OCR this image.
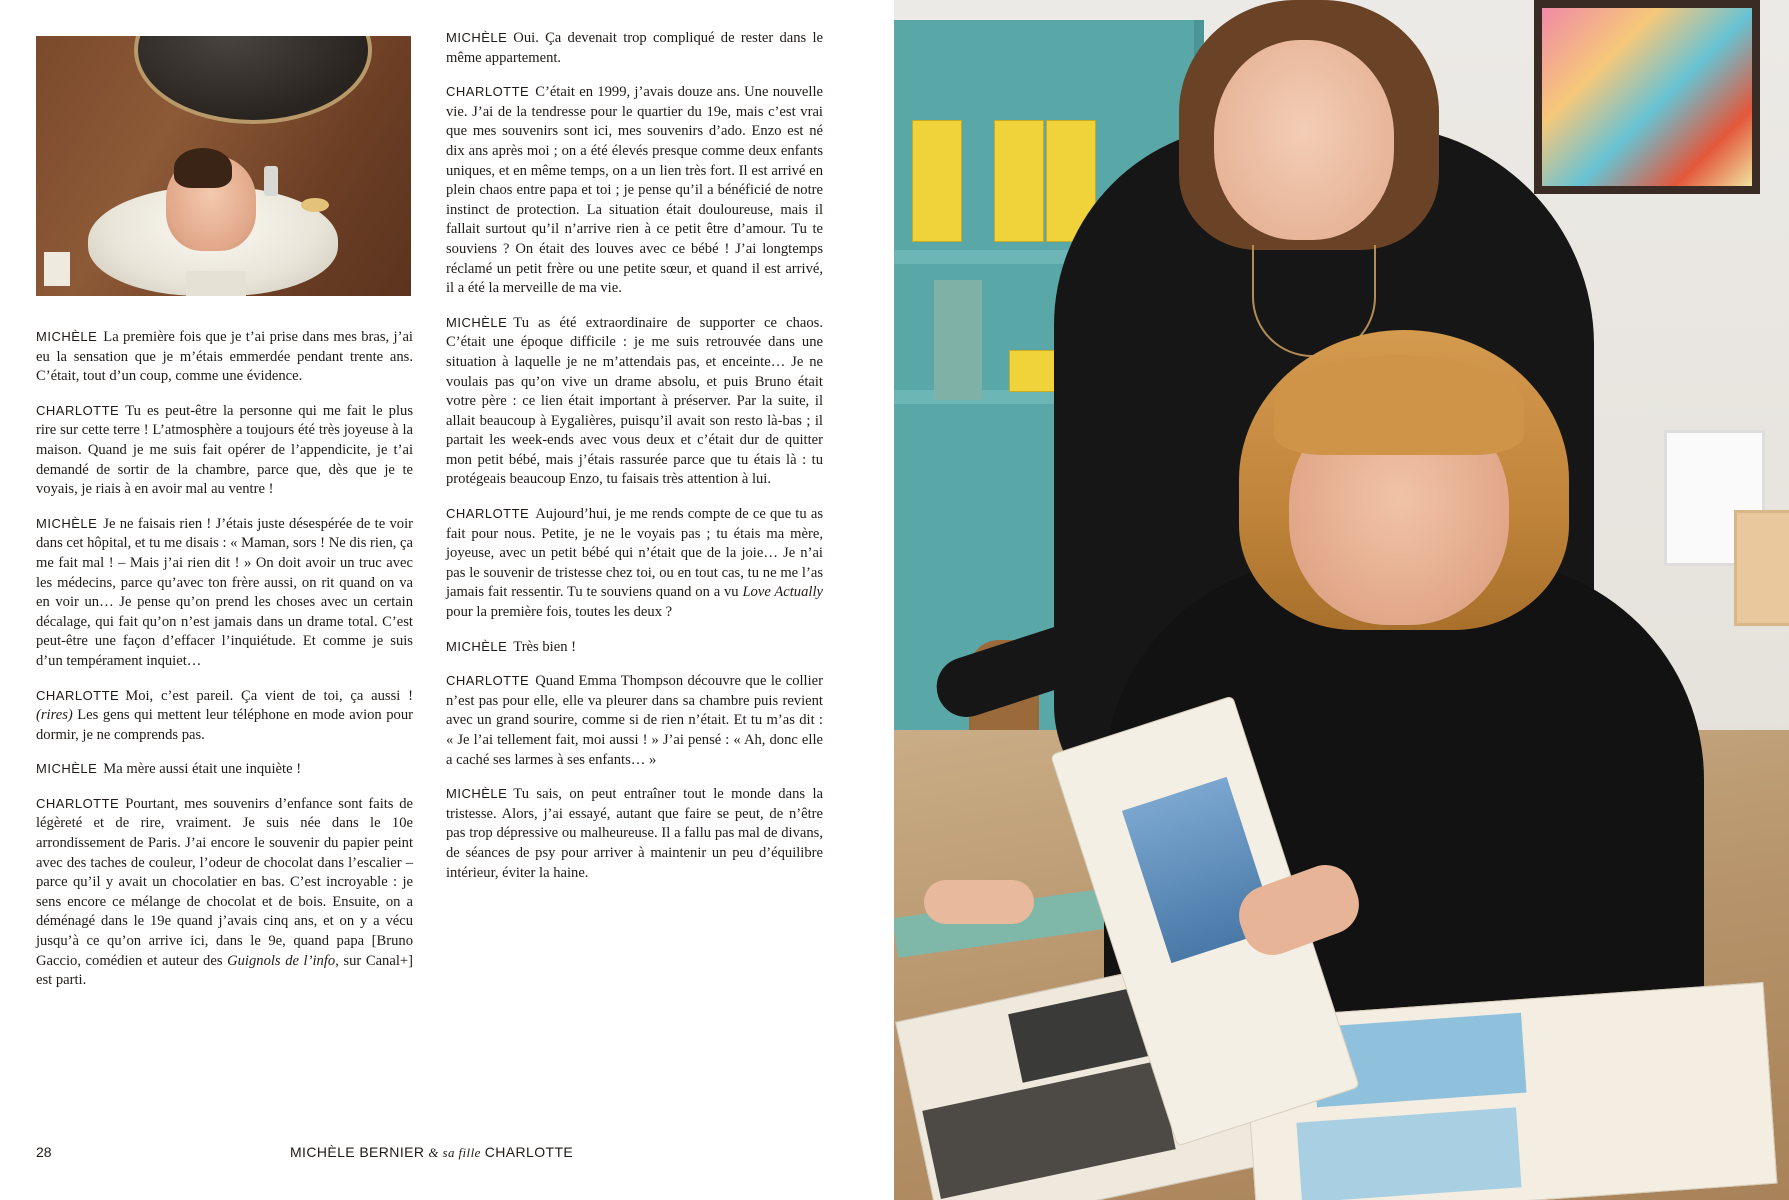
MICHÈLE La première fois que je t’ai prise dans mes bras, j’ai eu la sensation que je m’étais emmerdée pendant trente ans. C’était, tout d’un coup, comme une évidence.

CHARLOTTE Tu es peut-être la personne qui me fait le plus rire sur cette terre ! L’atmosphère a toujours été très joyeuse à la maison. Quand je me suis fait opérer de l’appendicite, je t’ai demandé de sortir de la chambre, parce que, dès que je te voyais, je riais à en avoir mal au ventre !

MICHÈLE Je ne faisais rien ! J’étais juste désespérée de te voir dans cet hôpital, et tu me disais : « Maman, sors ! Ne dis rien, ça me fait mal ! – Mais j’ai rien dit ! » On doit avoir un truc avec les médecins, parce qu’avec ton frère aussi, on rit quand on va en voir un… Je pense qu’on prend les choses avec un certain décalage, qui fait qu’on n’est jamais dans un drame total. C’est peut-être une façon d’effacer l’inquiétude. Et comme je suis d’un tempérament inquiet…

CHARLOTTE Moi, c’est pareil. Ça vient de toi, ça aussi ! (rires) Les gens qui mettent leur téléphone en mode avion pour dormir, je ne comprends pas.

MICHÈLE Ma mère aussi était une inquiète !

CHARLOTTE Pourtant, mes souvenirs d’enfance sont faits de légèreté et de rire, vraiment. Je suis née dans le 10e arrondissement de Paris. J’ai encore le souvenir du papier peint avec des taches de couleur, l’odeur de chocolat dans l’escalier – parce qu’il y avait un chocolatier en bas. C’est incroyable : je sens encore ce mélange de chocolat et de bois. Ensuite, on a déménagé dans le 19e quand j’avais cinq ans, et on y a vécu jusqu’à ce qu’on arrive ici, dans le 9e, quand papa [Bruno Gaccio, comédien et auteur des Guignols de l’info, sur Canal+] est parti.

MICHÈLE Oui. Ça devenait trop compliqué de rester dans le même appartement.

CHARLOTTE C’était en 1999, j’avais douze ans. Une nouvelle vie. J’ai de la tendresse pour le quartier du 19e, mais c’est vrai que mes souvenirs sont ici, mes souvenirs d’ado. Enzo est né dix ans après moi ; on a été élevés presque comme deux enfants uniques, et en même temps, on a un lien très fort. Il est arrivé en plein chaos entre papa et toi ; je pense qu’il a bénéficié de notre instinct de protection. La situation était douloureuse, mais il fallait surtout qu’il n’arrive rien à ce petit être d’amour. Tu te souviens ? On était des louves avec ce bébé ! J’ai longtemps réclamé un petit frère ou une petite sœur, et quand il est arrivé, il a été la merveille de ma vie.

MICHÈLE Tu as été extraordinaire de supporter ce chaos. C’était une époque difficile : je me suis retrouvée dans une situation à laquelle je ne m’attendais pas, et enceinte… Je ne voulais pas qu’on vive un drame absolu, et puis Bruno était votre père : ce lien était important à préserver. Par la suite, il allait beaucoup à Eygalières, puisqu’il avait son resto là-bas ; il partait les week-ends avec vous deux et c’était dur de quitter mon petit bébé, mais j’étais rassurée parce que tu étais là : tu protégeais beaucoup Enzo, tu faisais très attention à lui.

CHARLOTTE Aujourd’hui, je me rends compte de ce que tu as fait pour nous. Petite, je ne le voyais pas ; tu étais ma mère, joyeuse, avec un petit bébé qui n’était que de la joie… Je n’ai pas le souvenir de tristesse chez toi, ou en tout cas, tu ne me l’as jamais fait ressentir. Tu te souviens quand on a vu Love Actually pour la première fois, toutes les deux ?

MICHÈLE Très bien !

CHARLOTTE Quand Emma Thompson découvre que le collier n’est pas pour elle, elle va pleurer dans sa chambre puis revient avec un grand sourire, comme si de rien n’était. Et tu m’as dit : « Je l’ai tellement fait, moi aussi ! » J’ai pensé : « Ah, donc elle a caché ses larmes à ses enfants… »

MICHÈLE Tu sais, on peut entraîner tout le monde dans la tristesse. Alors, j’ai essayé, autant que faire se peut, de n’être pas trop dépressive ou malheureuse. Il a fallu pas mal de divans, de séances de psy pour arriver à maintenir un peu d’équilibre intérieur, éviter la haine.

28	MICHÈLE BERNIER & sa fille CHARLOTTE
